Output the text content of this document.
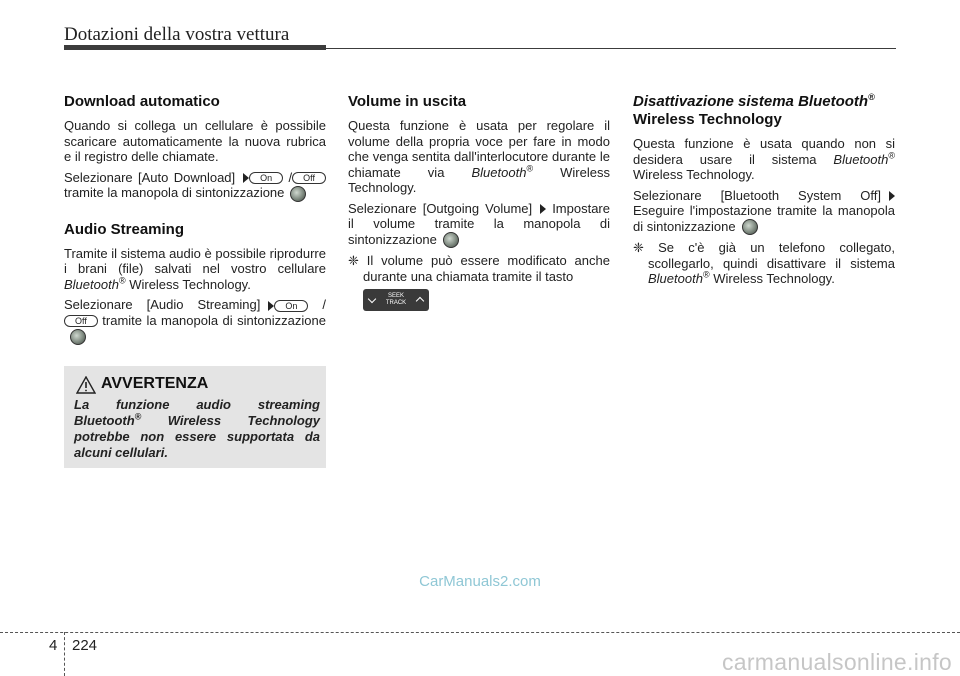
Dotazioni della vostra vettura
Download automatico

Quando si collega un cellulare è possibile scaricare automaticamente la nuova rubrica e il registro delle chiamate.

Selezionare [Auto Download]	On / Off tramite la manopola di sintonizzazione

Audio Streaming

Tramite il sistema audio è possibile riprodurre i brani (file) salvati nel vostro cellulare Bluetooth® Wireless Technology.

Selezionare [Audio Streaming]	On /Off tramite la manopola di sintonizzazione

AVVERTENZA
La funzione audio streaming Bluetooth® Wireless Technology potrebbe non essere supportata da alcuni cellulari.
Volume in uscita

Questa funzione è usata per regolare il volume della propria voce per fare in modo che venga sentita dall'interlocutore durante le chiamate via Bluetooth® Wireless Technology.

Selezionare [Outgoing Volume] Impostare il volume tramite la manopola di sintonizzazione

❈ Il volume può essere modificato anche durante una chiamata tramite il tasto

SEEK
TRACK
Disattivazione sistema Bluetooth®
Wireless Technology

Questa funzione è usata quando non si desidera usare il sistema Bluetooth® Wireless Technology.

Selezionare [Bluetooth System Off] Eseguire l'impostazione tramite la manopola di sintonizzazione

❈ Se c'è già un telefono collegato, scollegarlo, quindi disattivare il sistema Bluetooth® Wireless Technology.

CarManuals2.com
4 224
carmanualsonline.info
